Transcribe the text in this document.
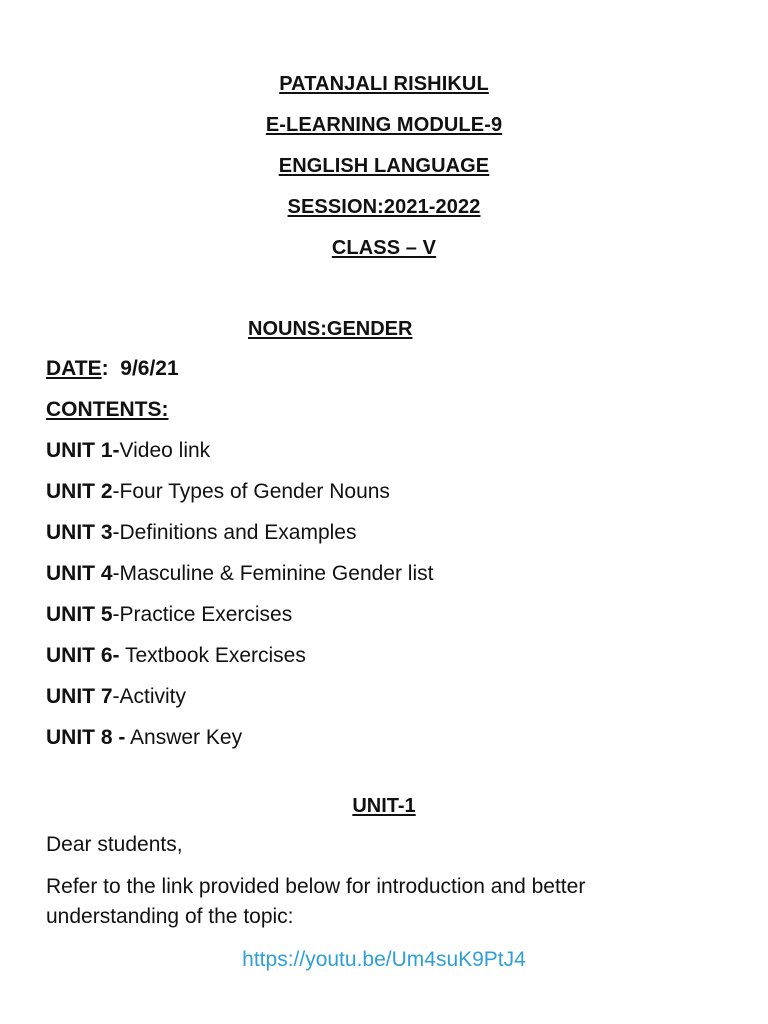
PATANJALI RISHIKUL
E-LEARNING MODULE-9
ENGLISH LANGUAGE
SESSION:2021-2022
CLASS – V
NOUNS:GENDER
DATE:  9/6/21
CONTENTS:
UNIT 1-Video link
UNIT 2-Four Types of Gender Nouns
UNIT 3-Definitions and Examples
UNIT 4-Masculine & Feminine Gender list
UNIT 5-Practice Exercises
UNIT 6- Textbook Exercises
UNIT 7-Activity
UNIT 8 - Answer Key
UNIT-1
Dear students,
Refer to the link provided below for introduction and better
understanding of the topic:
https://youtu.be/Um4suK9PtJ4
